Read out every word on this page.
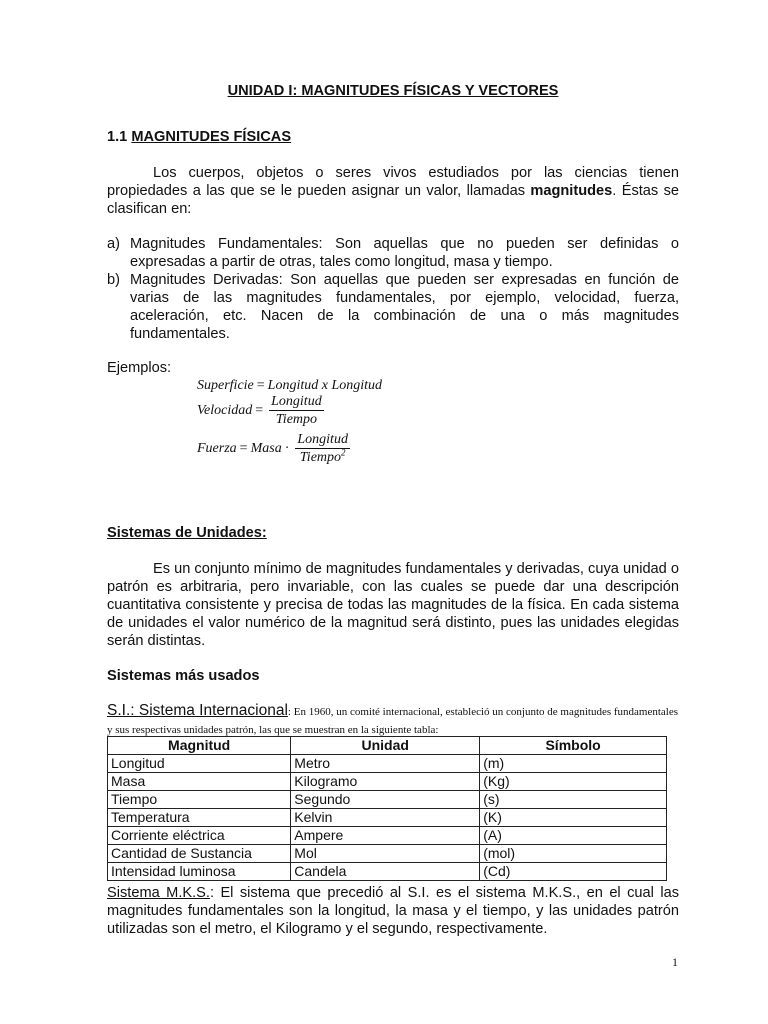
UNIDAD I: MAGNITUDES FÍSICAS Y VECTORES
1.1 MAGNITUDES FÍSICAS

Los cuerpos, objetos o seres vivos estudiados por las ciencias tienen propiedades a las que se le pueden asignar un valor, llamadas magnitudes. Éstas se clasifican en:

a) Magnitudes Fundamentales: Son aquellas que no pueden ser definidas o expresadas a partir de otras, tales como longitud, masa y tiempo.
b) Magnitudes Derivadas: Son aquellas que pueden ser expresadas en función de varias de las magnitudes fundamentales, por ejemplo, velocidad, fuerza, aceleración, etc. Nacen de la combinación de una o más magnitudes fundamentales.
Ejemplos:
Superficie = Longitud x Longitud
Velocidad = $\frac{\text{Longitud}}{\text{Tiempo}}$
Fuerza = Masa · $\frac{\text{Longitud}}{Tiempo^2}$
Sistemas de Unidades:

Es un conjunto mínimo de magnitudes fundamentales y derivadas, cuya unidad o patrón es arbitraria, pero invariable, con las cuales se puede dar una descripción cuantitativa consistente y precisa de todas las magnitudes de la física. En cada sistema de unidades el valor numérico de la magnitud será distinto, pues las unidades elegidas serán distintas.

Sistemas más usados
S.I.: Sistema Internacional: En 1960, un comité internacional, estableció un conjunto de magnitudes fundamentales y sus respectivas unidades patrón, las que se muestran en la siguiente tabla:
Magnitud	Unidad	Símbolo
Longitud	Metro	(m)
Masa	Kilogramo	(Kg)
Tiempo	Segundo	(s)
Temperatura	Kelvin	(K)
Corriente eléctrica	Ampere	(A)
Cantidad de Sustancia	Mol	(mol)
Intensidad luminosa	Candela	(Cd)
Sistema M.K.S.: El sistema que precedió al S.I. es el sistema M.K.S., en el cual las magnitudes fundamentales son la longitud, la masa y el tiempo, y las unidades patrón utilizadas son el metro, el Kilogramo y el segundo, respectivamente.
1
